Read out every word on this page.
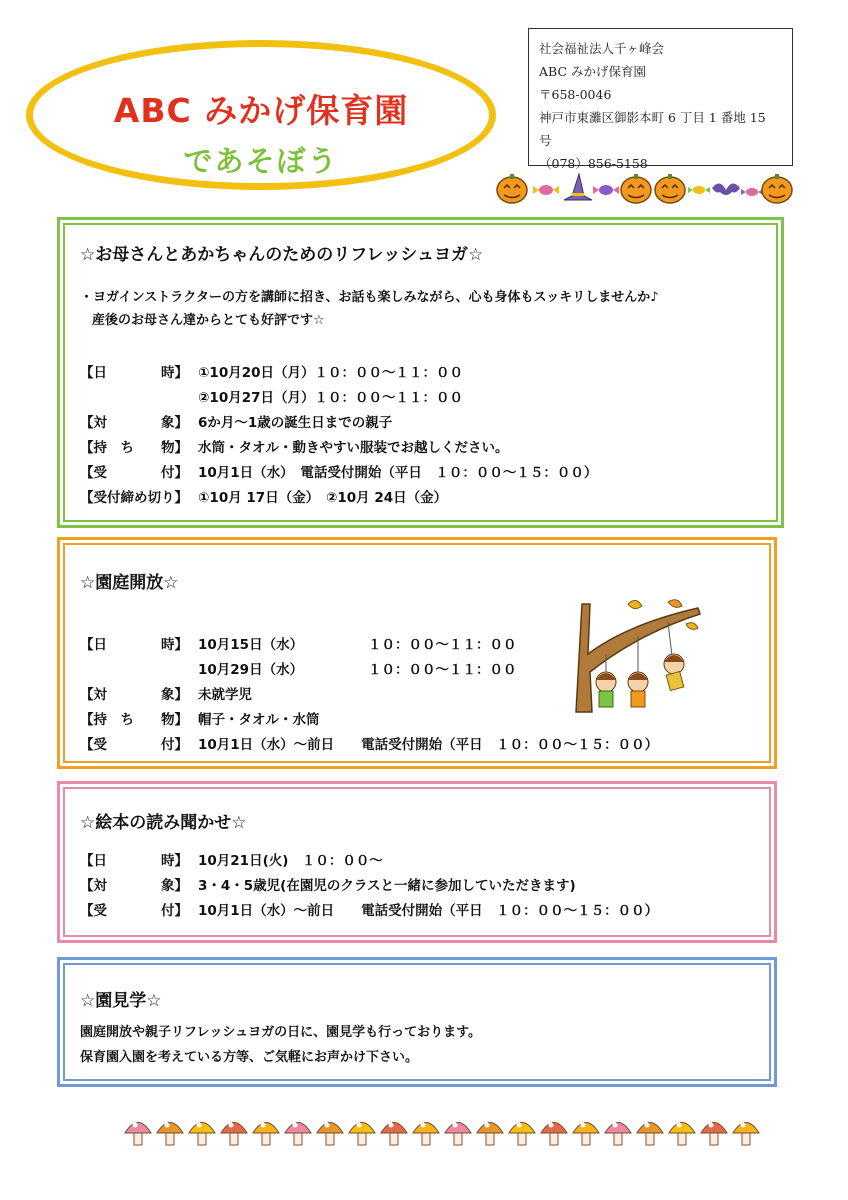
ABC みかげ保育園
であそぼう
社会福祉法人千ヶ峰会
ABC みかげ保育園
〒658-0046
神戸市東灘区御影本町 6 丁目 1 番地 15 号
（078）856-5158
☆お母さんとあかちゃんのためのリフレッシュヨガ☆
・ヨガインストラクターの方を講師に招き、お話も楽しみながら、心も身体もスッキリしませんか♪
産後のお母さん達からとても好評です☆
【日	時】 ①10月20日（月）１０：００～１１：００
②10月27日（月）１０：００～１１：００
【対	象】 6か月～1歳の誕生日までの親子
【持　ち 物】 水筒・タオル・動きやすい服装でお越しください。
【受	付】 10月1日（水）　電話受付開始（平日　１０：００～１５：００）
【受付締め切り】 ①10月 17日（金）　②10月 24日（金）
☆園庭開放☆
【日	時】 10月15日（水）	１０：００～１１：００
10月29日（水）	１０：００～１１：００
【対	象】 未就学児
【持　ち 物】 帽子・タオル・水筒
【受	付】 10月1日（水）～前日　　電話受付開始（平日　１０：００～１５：００）
☆絵本の読み聞かせ☆
【日	時】 10月21日(火)　１０：００～
【対	象】 3・4・5歳児(在園児のクラスと一緒に参加していただきます)
【受	付】 10月1日（水）～前日　　電話受付開始（平日　１０：００～１５：００）
☆園見学☆
園庭開放や親子リフレッシュヨガの日に、園見学も行っております。
保育園入園を考えている方等、ご気軽にお声かけ下さい。
